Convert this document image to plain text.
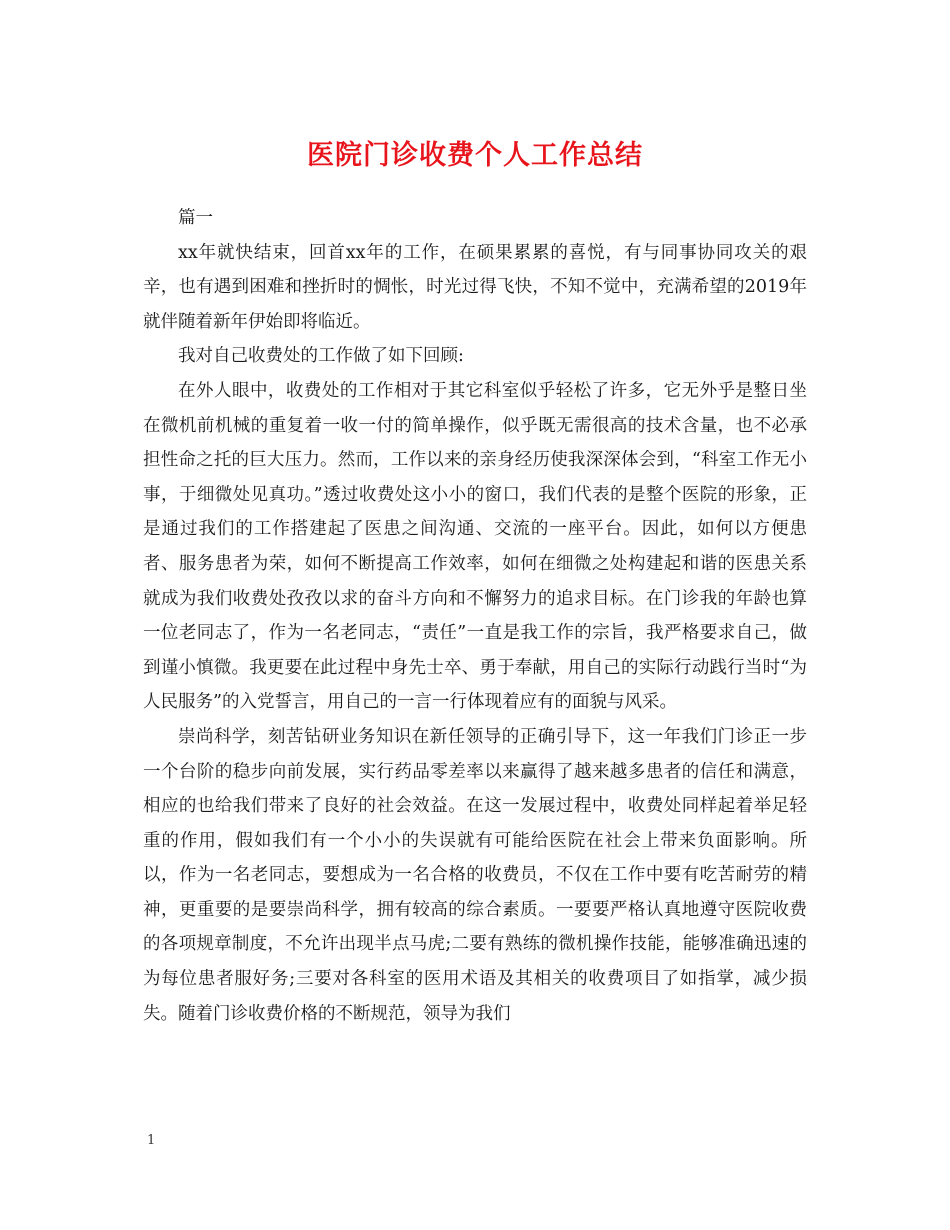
医院门诊收费个人工作总结

篇一

xx年就快结束，回首xx年的工作，在硕果累累的喜悦，有与同事协同攻关的艰辛，也有遇到困难和挫折时的惆怅，时光过得飞快，不知不觉中，充满希望的2019年就伴随着新年伊始即将临近。

我对自己收费处的工作做了如下回顾:

在外人眼中，收费处的工作相对于其它科室似乎轻松了许多，它无外乎是整日坐在微机前机械的重复着一收一付的简单操作，似乎既无需很高的技术含量，也不必承担性命之托的巨大压力。然而，工作以来的亲身经历使我深深体会到，“科室工作无小事，于细微处见真功。”透过收费处这小小的窗口，我们代表的是整个医院的形象，正是通过我们的工作搭建起了医患之间沟通、交流的一座平台。因此，如何以方便患者、服务患者为荣，如何不断提高工作效率，如何在细微之处构建起和谐的医患关系就成为我们收费处孜孜以求的奋斗方向和不懈努力的追求目标。在门诊我的年龄也算一位老同志了，作为一名老同志，“责任”一直是我工作的宗旨，我严格要求自己，做到谨小慎微。我更要在此过程中身先士卒、勇于奉献，用自己的实际行动践行当时“为人民服务”的入党誓言，用自己的一言一行体现着应有的面貌与风采。

崇尚科学，刻苦钻研业务知识在新任领导的正确引导下，这一年我们门诊正一步一个台阶的稳步向前发展，实行药品零差率以来赢得了越来越多患者的信任和满意，相应的也给我们带来了良好的社会效益。在这一发展过程中，收费处同样起着举足轻重的作用，假如我们有一个小小的失误就有可能给医院在社会上带来负面影响。所以，作为一名老同志，要想成为一名合格的收费员，不仅在工作中要有吃苦耐劳的精神，更重要的是要崇尚科学，拥有较高的综合素质。一要要严格认真地遵守医院收费的各项规章制度，不允许出现半点马虎;二要有熟练的微机操作技能，能够准确迅速的为每位患者服好务;三要对各科室的医用术语及其相关的收费项目了如指掌，减少损失。随着门诊收费价格的不断规范，领导为我们

1
